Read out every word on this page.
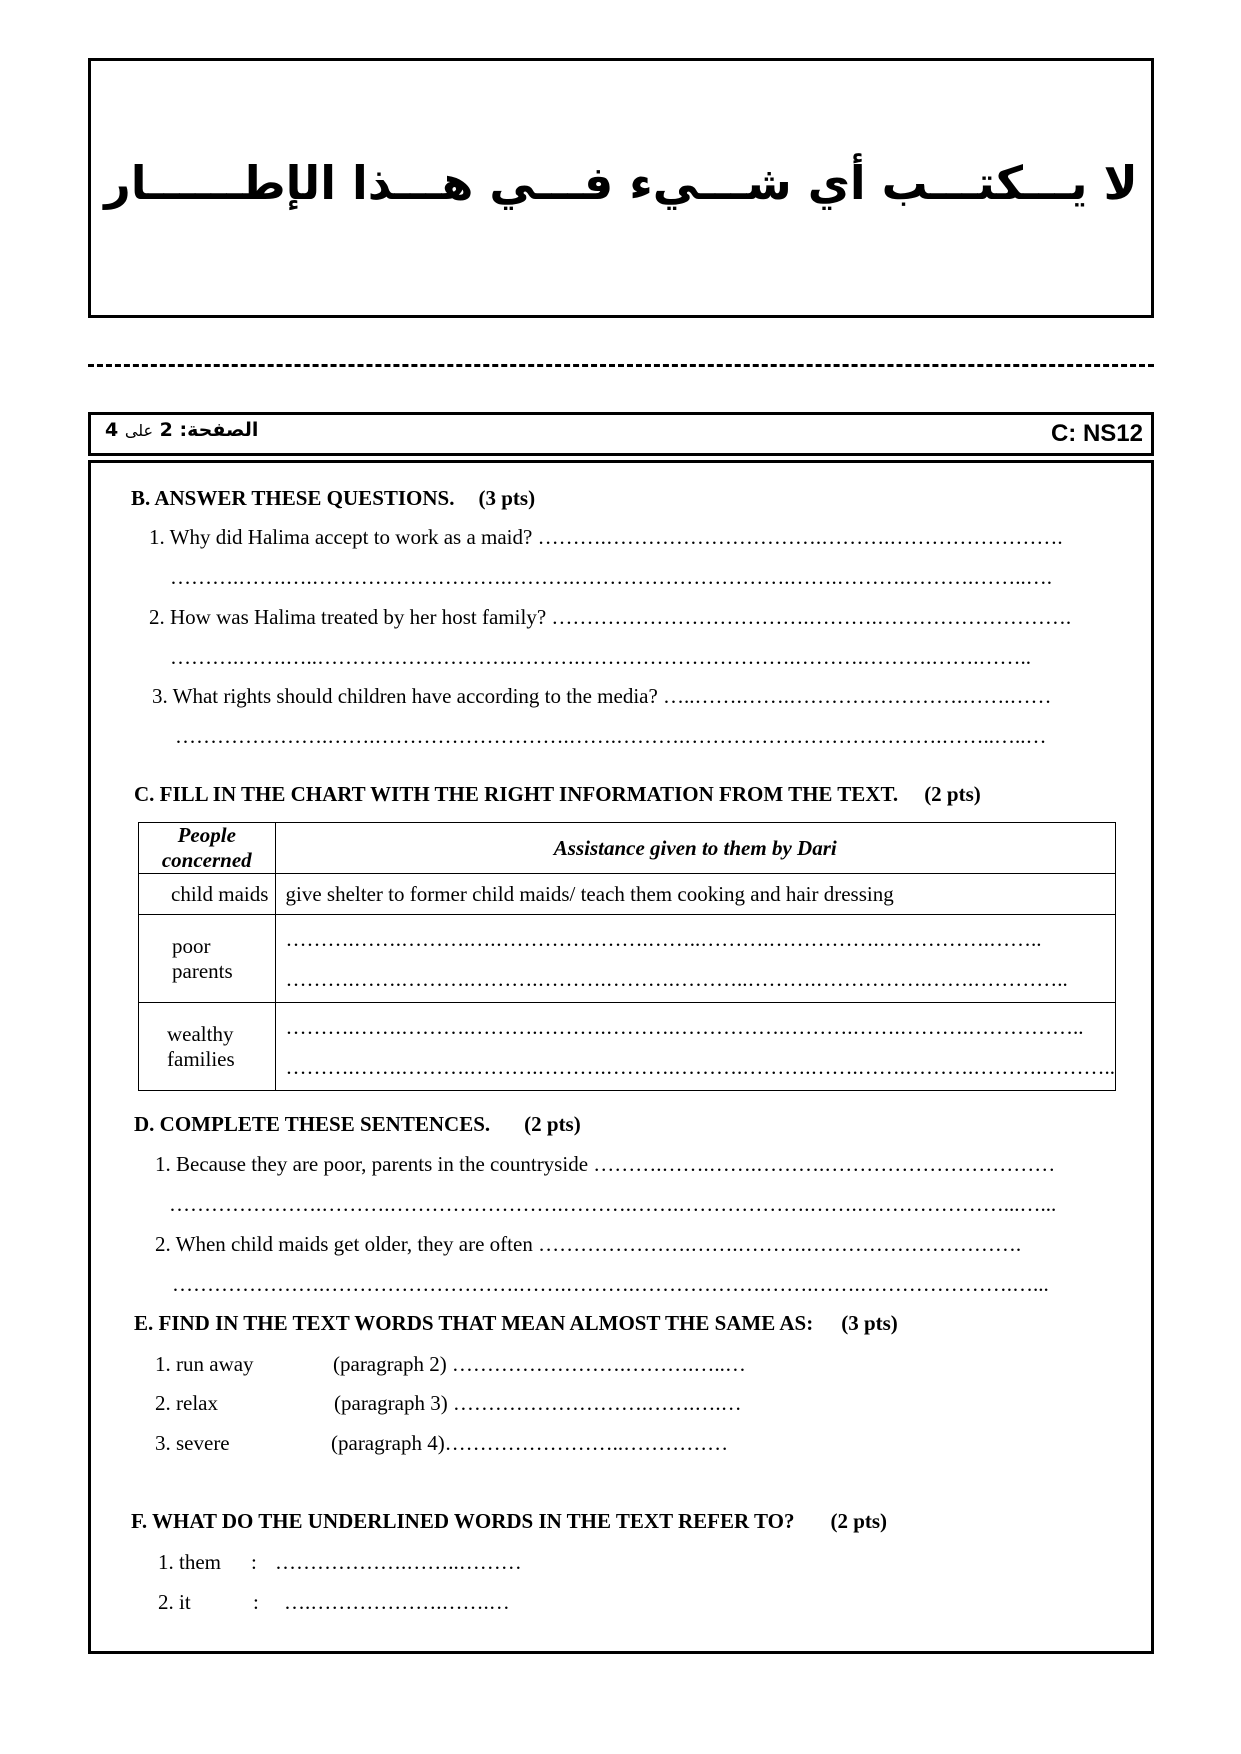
لا يـــكتـــب أي شـــيء فـــي هـــذا الإطــــــار
الصفحة: 2 على 4	C: NS12
B. ANSWER THESE QUESTIONS. (3 pts)
1. Why did Halima accept to work as a maid? ……….………………………….……….…………………….
……….…….….……………………….……….………………………….…….……….……….……..….
2. How was Halima treated by her host family? ……………………………….……….……………………….
……….…….…..……………………….……….………………………….……….……….…….……..
3. What rights should children have according to the media? …..…….…….…………………….…….……
………………….…….……………………….…….……….……………………………….……..…..…
C. FILL IN THE CHART WITH THE RIGHT INFORMATION FROM THE TEXT. (2 pts)
People concerned	Assistance given to them by Dari

child maids	give shelter to former child maids/ teach them cooking and hair dressing

poor parents	……….…….……….….………………….……..……….…………….…………….……..
……….…….……….……….……….……….………..……….…………….…….…………..

wealthy families	……….…….……….……….……….……….…………….……….…….……….……………..
……….…….……….……….……….……….……….……….…….…….……….……….………..
D. COMPLETE THESE SENTENCES. (2 pts)
1. Because they are poor, parents in the countryside ……….…….…….……….……………………………
………………….……….…………………….……….…….……………….…….…………………...…...
2. When child maids get older, they are often ………………….…….……….………………………….
………………….……………………….…….……….……………….…….…….………………….…...
E. FIND IN THE TEXT WORDS THAT MEAN ALMOST THE SAME AS: (3 pts)
1. run away	(paragraph 2) …………………….……….…..…
2. relax	(paragraph 3) ……………………….…….….…
3. severe	(paragraph 4)……………………..……………
F. WHAT DO THE UNDERLINED WORDS IN THE TEXT REFER TO? (2 pts)
1. them : ……………….……..………
2. it	: ….……………….…….…
